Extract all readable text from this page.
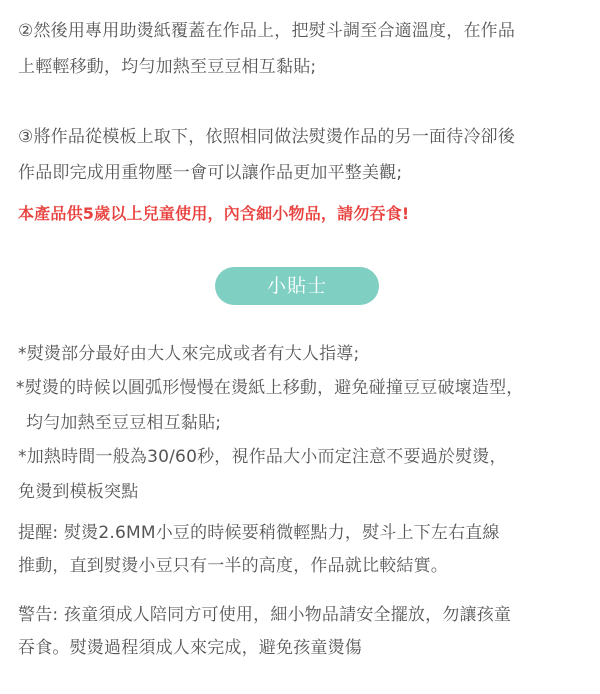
②然後用專用助燙紙覆蓋在作品上，把熨斗調至合適溫度，在作品
上輕輕移動，均勻加熱至豆豆相互黏貼;
③將作品從模板上取下，依照相同做法熨燙作品的另一面待冷卻後
作品即完成用重物壓一會可以讓作品更加平整美觀;
本產品供5歲以上兒童使用，內含細小物品，請勿吞食!
小貼士
*熨燙部分最好由大人來完成或者有大人指導;
*熨燙的時候以圓弧形慢慢在燙紙上移動，避免碰撞豆豆破壞造型，
均勻加熱至豆豆相互黏貼;
*加熱時間一般為30/60秒，視作品大小而定注意不要過於熨燙，
免燙到模板突點
提醒: 熨燙2.6MM小豆的時候要稍微輕點力，熨斗上下左右直線
推動，直到熨燙小豆只有一半的高度，作品就比較結實。
警告: 孩童須成人陪同方可使用，細小物品請安全擺放，勿讓孩童
吞食。熨燙過程須成人來完成，避免孩童燙傷
